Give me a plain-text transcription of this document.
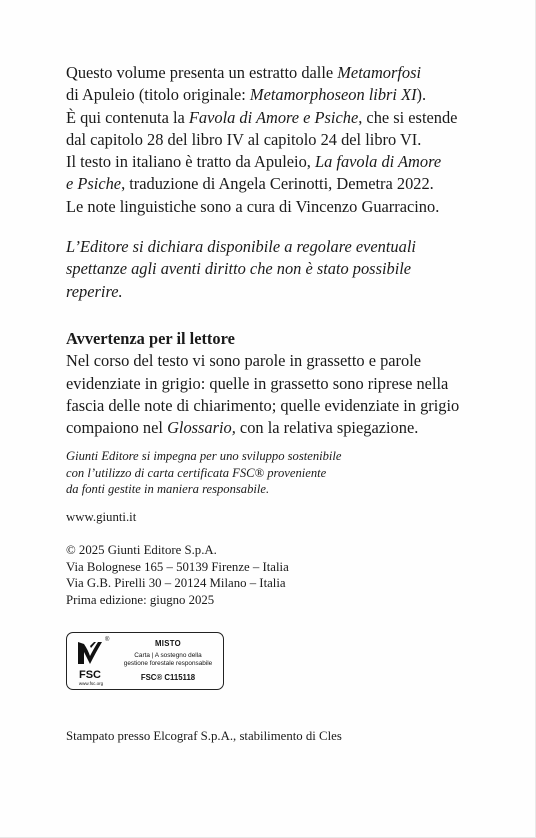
Questo volume presenta un estratto dalle Metamorfosi
di Apuleio (titolo originale: Metamorphoseon libri XI).
È qui contenuta la Favola di Amore e Psiche, che si estende
dal capitolo 28 del libro IV al capitolo 24 del libro VI.
Il testo in italiano è tratto da Apuleio, La favola di Amore
e Psiche, traduzione di Angela Cerinotti, Demetra 2022.
Le note linguistiche sono a cura di Vincenzo Guarracino.
L’Editore si dichiara disponibile a regolare eventuali
spettanze agli aventi diritto che non è stato possibile
reperire.
Avvertenza per il lettore
Nel corso del testo vi sono parole in grassetto e parole
evidenziate in grigio: quelle in grassetto sono riprese nella
fascia delle note di chiarimento; quelle evidenziate in grigio
compaiono nel Glossario, con la relativa spiegazione.
Giunti Editore si impegna per uno sviluppo sostenibile
con l’utilizzo di carta certificata FSC® proveniente
da fonti gestite in maniera responsabile.
www.giunti.it
© 2025 Giunti Editore S.p.A.
Via Bolognese 165 – 50139 Firenze – Italia
Via G.B. Pirelli 30 – 20124 Milano – Italia
Prima edizione: giugno 2025
FSC
®
www.fsc.org
MISTO
Carta | A sostegno della
gestione forestale responsabile
FSC® C115118
Stampato presso Elcograf S.p.A., stabilimento di Cles
